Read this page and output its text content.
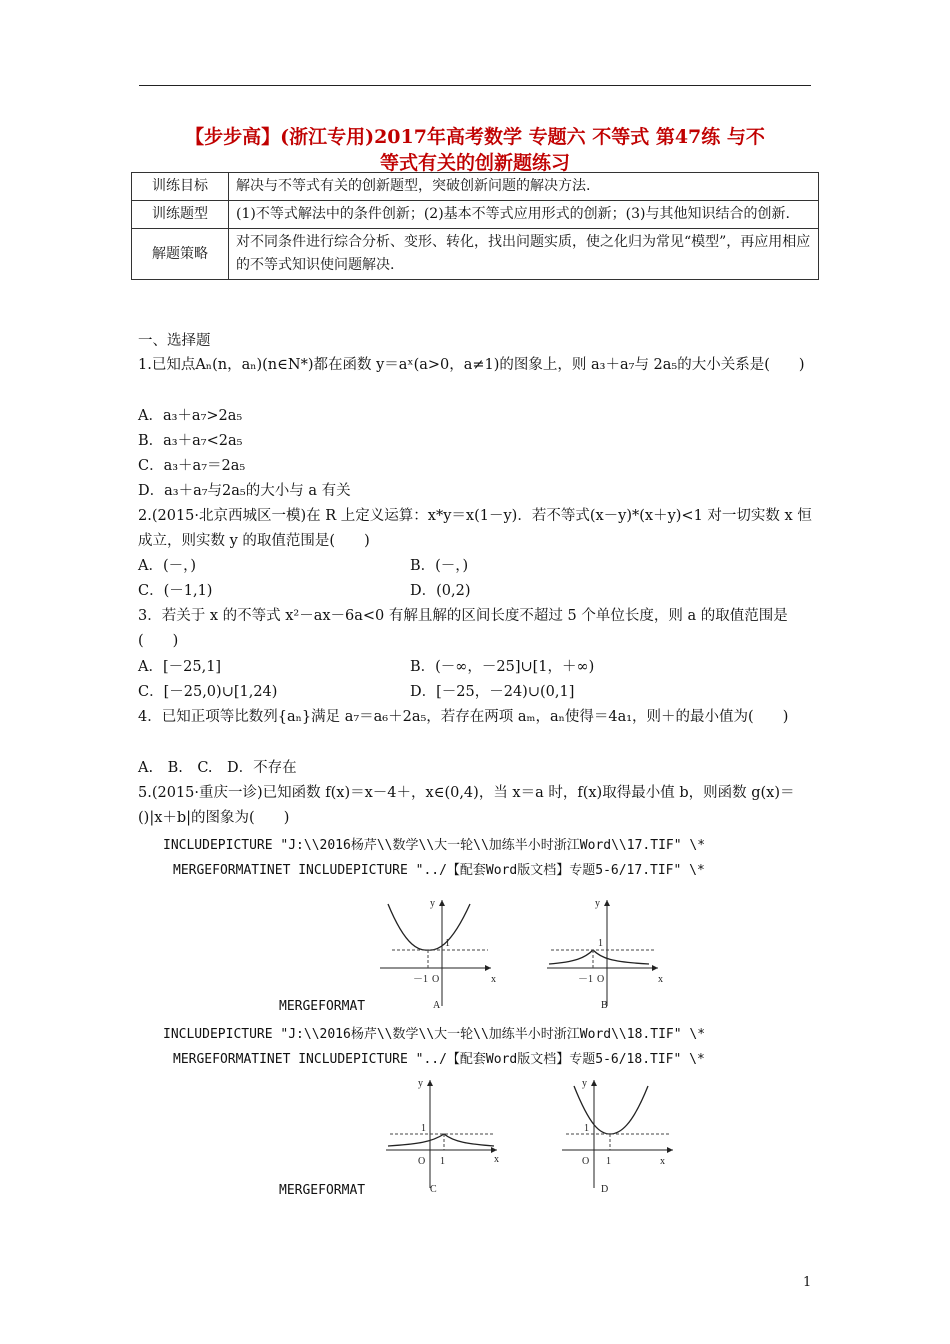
【步步高】(浙江专用)2017年高考数学 专题六 不等式 第47练 与不
等式有关的创新题练习
训练目标	解决与不等式有关的创新题型，突破创新问题的解决方法.
训练题型	(1)不等式解法中的条件创新；(2)基本不等式应用形式的创新；(3)与其他知识结合的创新.
解题策略	对不同条件进行综合分析、变形、转化，找出问题实质，使之化归为常见“模型”，再应用相应的不等式知识使问题解决.
一、选择题
1.已知点Aₙ(n，aₙ)(n∈N*)都在函数 y＝aˣ(a>0，a≠1)的图象上，则 a₃＋a₇与 2a₅的大小关系是(　　)
A．a₃＋a₇>2a₅
B．a₃＋a₇<2a₅
C．a₃＋a₇＝2a₅
D．a₃＋a₇与2a₅的大小与 a 有关
2.(2015·北京西城区一模)在 R 上定义运算：x*y＝x(1－y)．若不等式(x－y)*(x＋y)<1 对一切实数 x 恒成立，则实数 y 的取值范围是(　　)
A．(－，)	B．(－，)
C．(－1,1)	D．(0,2)
3．若关于 x 的不等式 x²－ax－6a<0 有解且解的区间长度不超过 5 个单位长度，则 a 的取值范围是(　　)
A．[－25,1]	B．(－∞，－25]∪[1，＋∞)
C．[－25,0)∪[1,24)	D．[－25，－24)∪(0,1]
4．已知正项等比数列{aₙ}满足 a₇＝a₆＋2a₅，若存在两项 aₘ，aₙ使得＝4a₁，则＋的最小值为(　　)
A.　B.　C.　D．不存在
5.(2015·重庆一诊)已知函数 f(x)＝x－4＋，x∈(0,4)，当 x＝a 时，f(x)取得最小值 b，则函数 g(x)＝()|x＋b|的图象为(　　)
INCLUDEPICTURE "J:\\2016杨芹\\数学\\大一轮\\加练半小时浙江Word\\17.TIF" \*
MERGEFORMATINET INCLUDEPICTURE "../【配套Word版文档】专题5-6/17.TIF" \*
MERGEFORMAT
INCLUDEPICTURE "J:\\2016杨芹\\数学\\大一轮\\加练半小时浙江Word\\18.TIF" \*
MERGEFORMATINET INCLUDEPICTURE "../【配套Word版文档】专题5-6/18.TIF" \*
MERGEFORMAT
y
x
O
1
－1
A
y
x
O
1
－1
B
y
x
O
1
1
C
y
x
O
1
1
D
1
